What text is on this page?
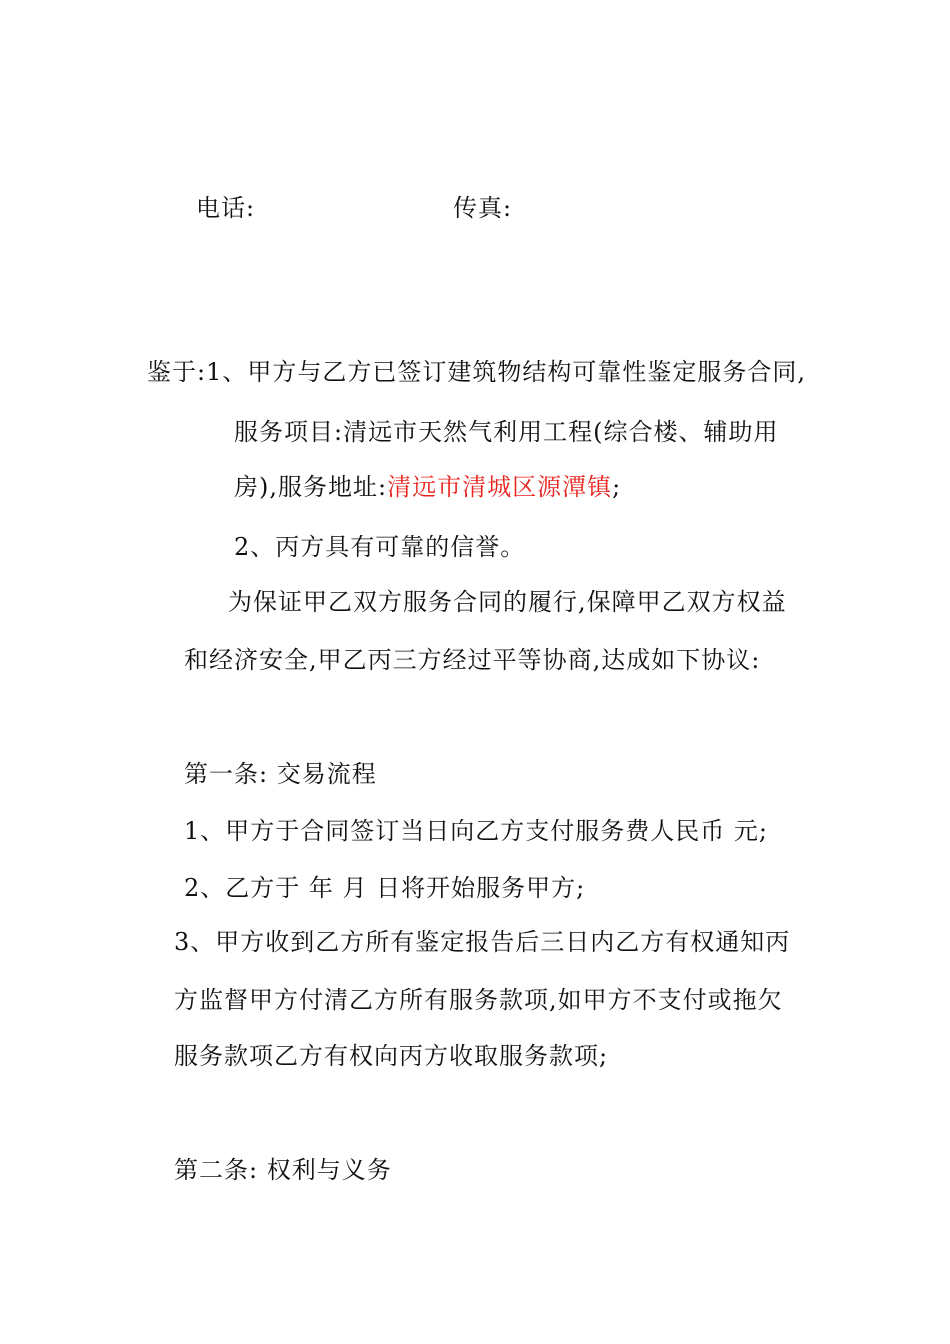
电话:	传真:
鉴于:1、甲方与乙方已签订建筑物结构可靠性鉴定服务合同,
服务项目:清远市天然气利用工程(综合楼、辅助用
房),服务地址:清远市清城区源潭镇;
2、丙方具有可靠的信誉。
为保证甲乙双方服务合同的履行,保障甲乙双方权益
和经济安全,甲乙丙三方经过平等协商,达成如下协议:
第一条: 交易流程
1、甲方于合同签订当日向乙方支付服务费人民币 元;
2、乙方于 年 月 日将开始服务甲方;
3、甲方收到乙方所有鉴定报告后三日内乙方有权通知丙
方监督甲方付清乙方所有服务款项,如甲方不支付或拖欠
服务款项乙方有权向丙方收取服务款项;
第二条: 权利与义务
